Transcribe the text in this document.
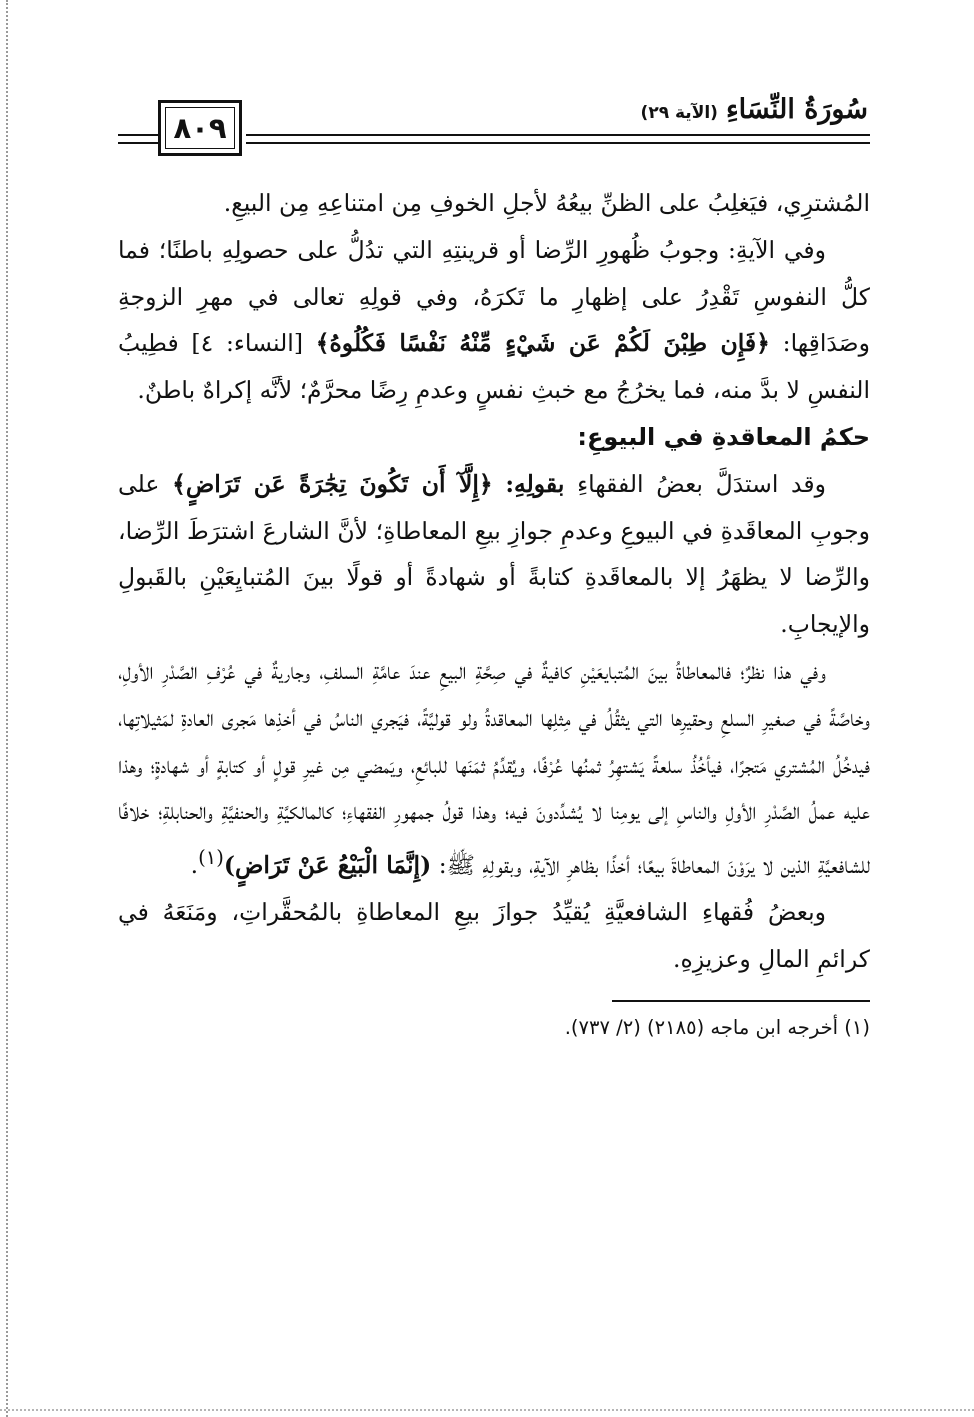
٨٠٩
سُورَةُ النِّسَاءِ
(الآية ٢٩)

المُشترِي، فيَغلِبُ على الظنِّ بيعُهُ لأجلِ الخوفِ مِن امتناعِهِ مِن البيعِ.

وفي الآيةِ: وجوبُ ظُهورِ الرِّضا أو قرينتِهِ التي تدُلُّ على حصولِهِ باطنًا؛ فما كلُّ النفوسِ تَقْدِرُ على إظهارِ ما تَكرَهُ، وفي قولِهِ تعالى في مهرِ الزوجةِ وصَدَاقِها: ﴿فَإِن طِبْنَ لَكُمْ عَن شَيْءٍ مِّنْهُ نَفْسًا فَكُلُوهُ﴾ [النساء: ٤] فطِيبُ النفسِ لا بدَّ منه، فما يخرُجُ مع خبثِ نفسٍ وعدمِ رِضًا محرَّمٌ؛ لأنَّه إكراهٌ باطنٌ.

حكمُ المعاقدةِ في البيوعِ:

وقد استدَلَّ بعضُ الفقهاءِ بقولِهِ: ﴿إِلَّآ أَن تَكُونَ تِجَٰرَةً عَن تَرَاضٍ﴾ على وجوبِ المعاقَدةِ في البيوعِ وعدمِ جوازِ بيعِ المعاطاةِ؛ لأنَّ الشارعَ اشترَطَ الرِّضا، والرِّضا لا يظهَرُ إلا بالمعاقَدةِ كتابةً أو شهادةً أو قولًا بينَ المُتبايِعَيْنِ بالقَبولِ والإيجابِ.

وفي هذا نظرٌ؛ فالمعاطاةُ بينَ المُتبايعَيْنِ كافيةٌ في صِحَّةِ البيعِ عندَ عامَّةِ السلفِ، وجاريةٌ في عُرْفِ الصَّدْرِ الأولِ، وخاصَّةً في صغيرِ السلعِ وحقيرِها التي يثقُلُ في مِثلِها المعاقدةُ ولو قوليَّةً، فيَجري الناسُ في أخذِها مَجرى العادةِ لمَثيلاتِها، فيدخُلُ المُشتري مَتجرًا، فيأخُذُ سلعةً يَشتهِرُ ثمنُها عُرْفًا، ويُقدِّمُ ثمَنَها للبائعِ، ويَمضي مِن غيرِ قولٍ أو كتابةٍ أو شهادةٍ؛ وهذا عليه عملُ الصَّدْرِ الأولِ والناسِ إلى يومِنا لا يُشدِّدونَ فيه؛ وهذا قولُ جمهورِ الفقهاءِ؛ كالمالكيَّةِ والحنفيَّةِ والحنابلةِ؛ خلافًا للشافعيَّةِ الذين لا يرَوْنَ المعاطاةَ بيعًا؛ أخذًا بظاهرِ الآيةِ، وبقولِهِ ﷺ: (إِنَّمَا الْبَيْعُ عَنْ تَرَاضٍ)$^{(١)}$.

وبعضُ فُقهاءِ الشافعيَّةِ يُقيِّدُ جوازَ بيعِ المعاطاةِ بالمُحقَّراتِ، ومَنَعَهُ في كرائمِ المالِ وعزيزِهِ.

(١) أخرجه ابن ماجه (٢١٨٥) (٢/ ٧٣٧).
